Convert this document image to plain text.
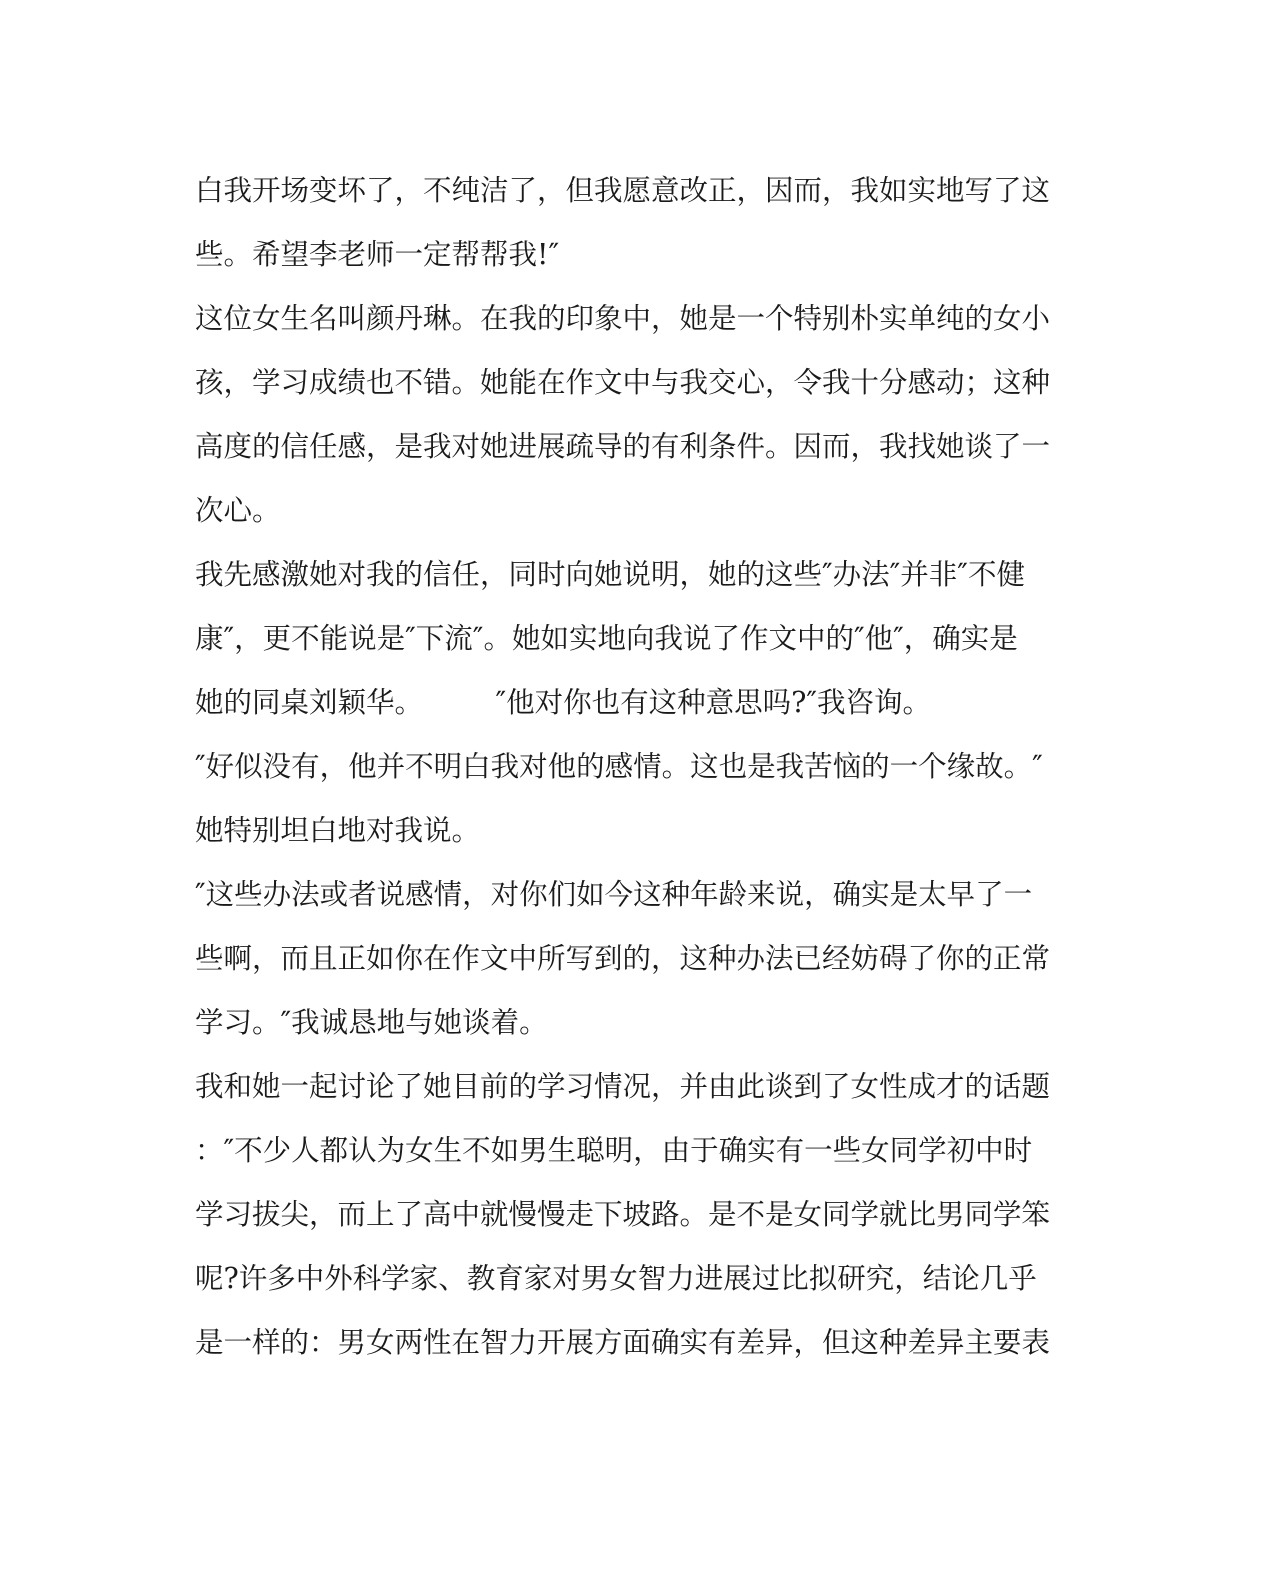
白我开场变坏了，不纯洁了，但我愿意改正，因而，我如实地写了这
些。希望李老师一定帮帮我!″
这位女生名叫颜丹琳。在我的印象中，她是一个特别朴实单纯的女小
孩，学习成绩也不错。她能在作文中与我交心，令我十分感动；这种
高度的信任感，是我对她进展疏导的有利条件。因而，我找她谈了一
次心。
我先感激她对我的信任，同时向她说明，她的这些″办法″并非″不健
康″，更不能说是″下流″。她如实地向我说了作文中的″他″，确实是
她的同桌刘颖华。        ″他对你也有这种意思吗?″我咨询。
″好似没有，他并不明白我对他的感情。这也是我苦恼的一个缘故。″
她特别坦白地对我说。
″这些办法或者说感情，对你们如今这种年龄来说，确实是太早了一
些啊，而且正如你在作文中所写到的，这种办法已经妨碍了你的正常
学习。″我诚恳地与她谈着。
我和她一起讨论了她目前的学习情况，并由此谈到了女性成才的话题
：″不少人都认为女生不如男生聪明，由于确实有一些女同学初中时
学习拔尖，而上了高中就慢慢走下坡路。是不是女同学就比男同学笨
呢?许多中外科学家、教育家对男女智力进展过比拟研究，结论几乎
是一样的：男女两性在智力开展方面确实有差异，但这种差异主要表
